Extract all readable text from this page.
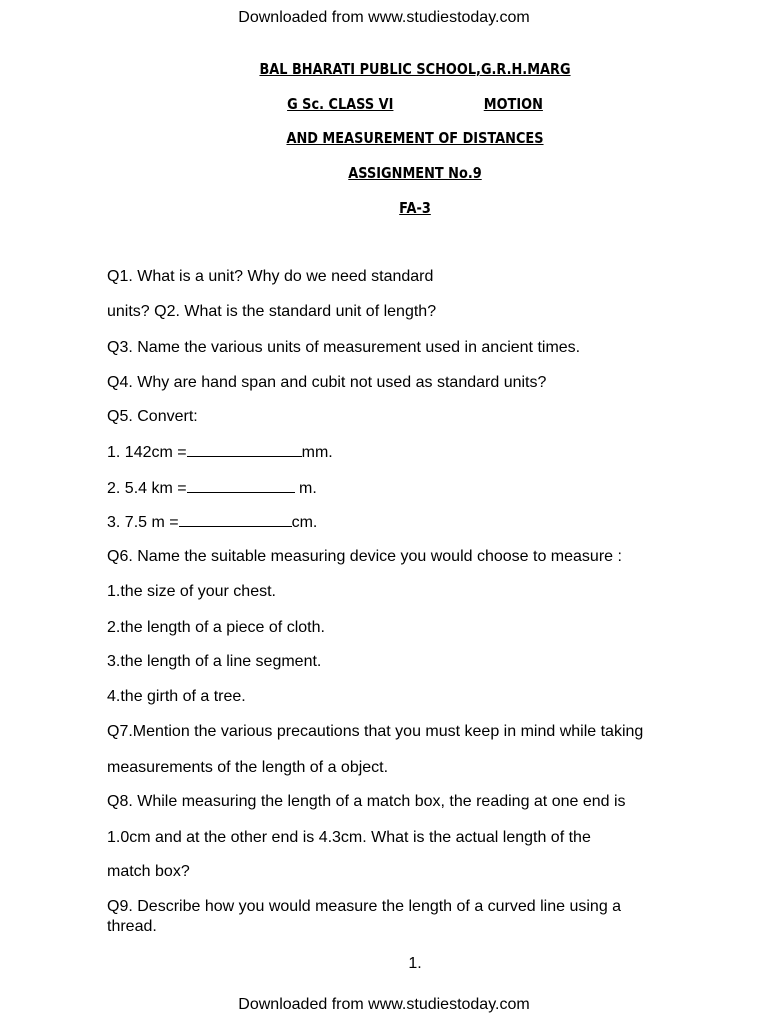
Downloaded from www.studiestoday.com
BAL BHARATI PUBLIC SCHOOL,G.R.H.MARG
G Sc. CLASS VI	MOTION
AND MEASUREMENT OF DISTANCES
ASSIGNMENT No.9
FA-3
Q1. What is a unit? Why do we need standard
units? Q2. What is the standard unit of length?
Q3. Name the various units of measurement used in ancient times.
Q4. Why are hand span and cubit not used as standard units?
Q5. Convert:
1. 142cm =	mm.
2. 5.4 km =	m.
3. 7.5 m =	cm.
Q6. Name the suitable measuring device you would choose to measure :
1.the size of your chest.
2.the length of a piece of cloth.
3.the length of a line segment.
4.the girth of a tree.
Q7.Mention the various precautions that you must keep in mind while taking
measurements of the length of a object.
Q8. While measuring the length of a match box, the reading at one end is
1.0cm and at the other end is 4.3cm. What is the actual length of the
match box?
Q9. Describe how you would measure the length of a curved line using a
thread.
1.
Downloaded from www.studiestoday.com
